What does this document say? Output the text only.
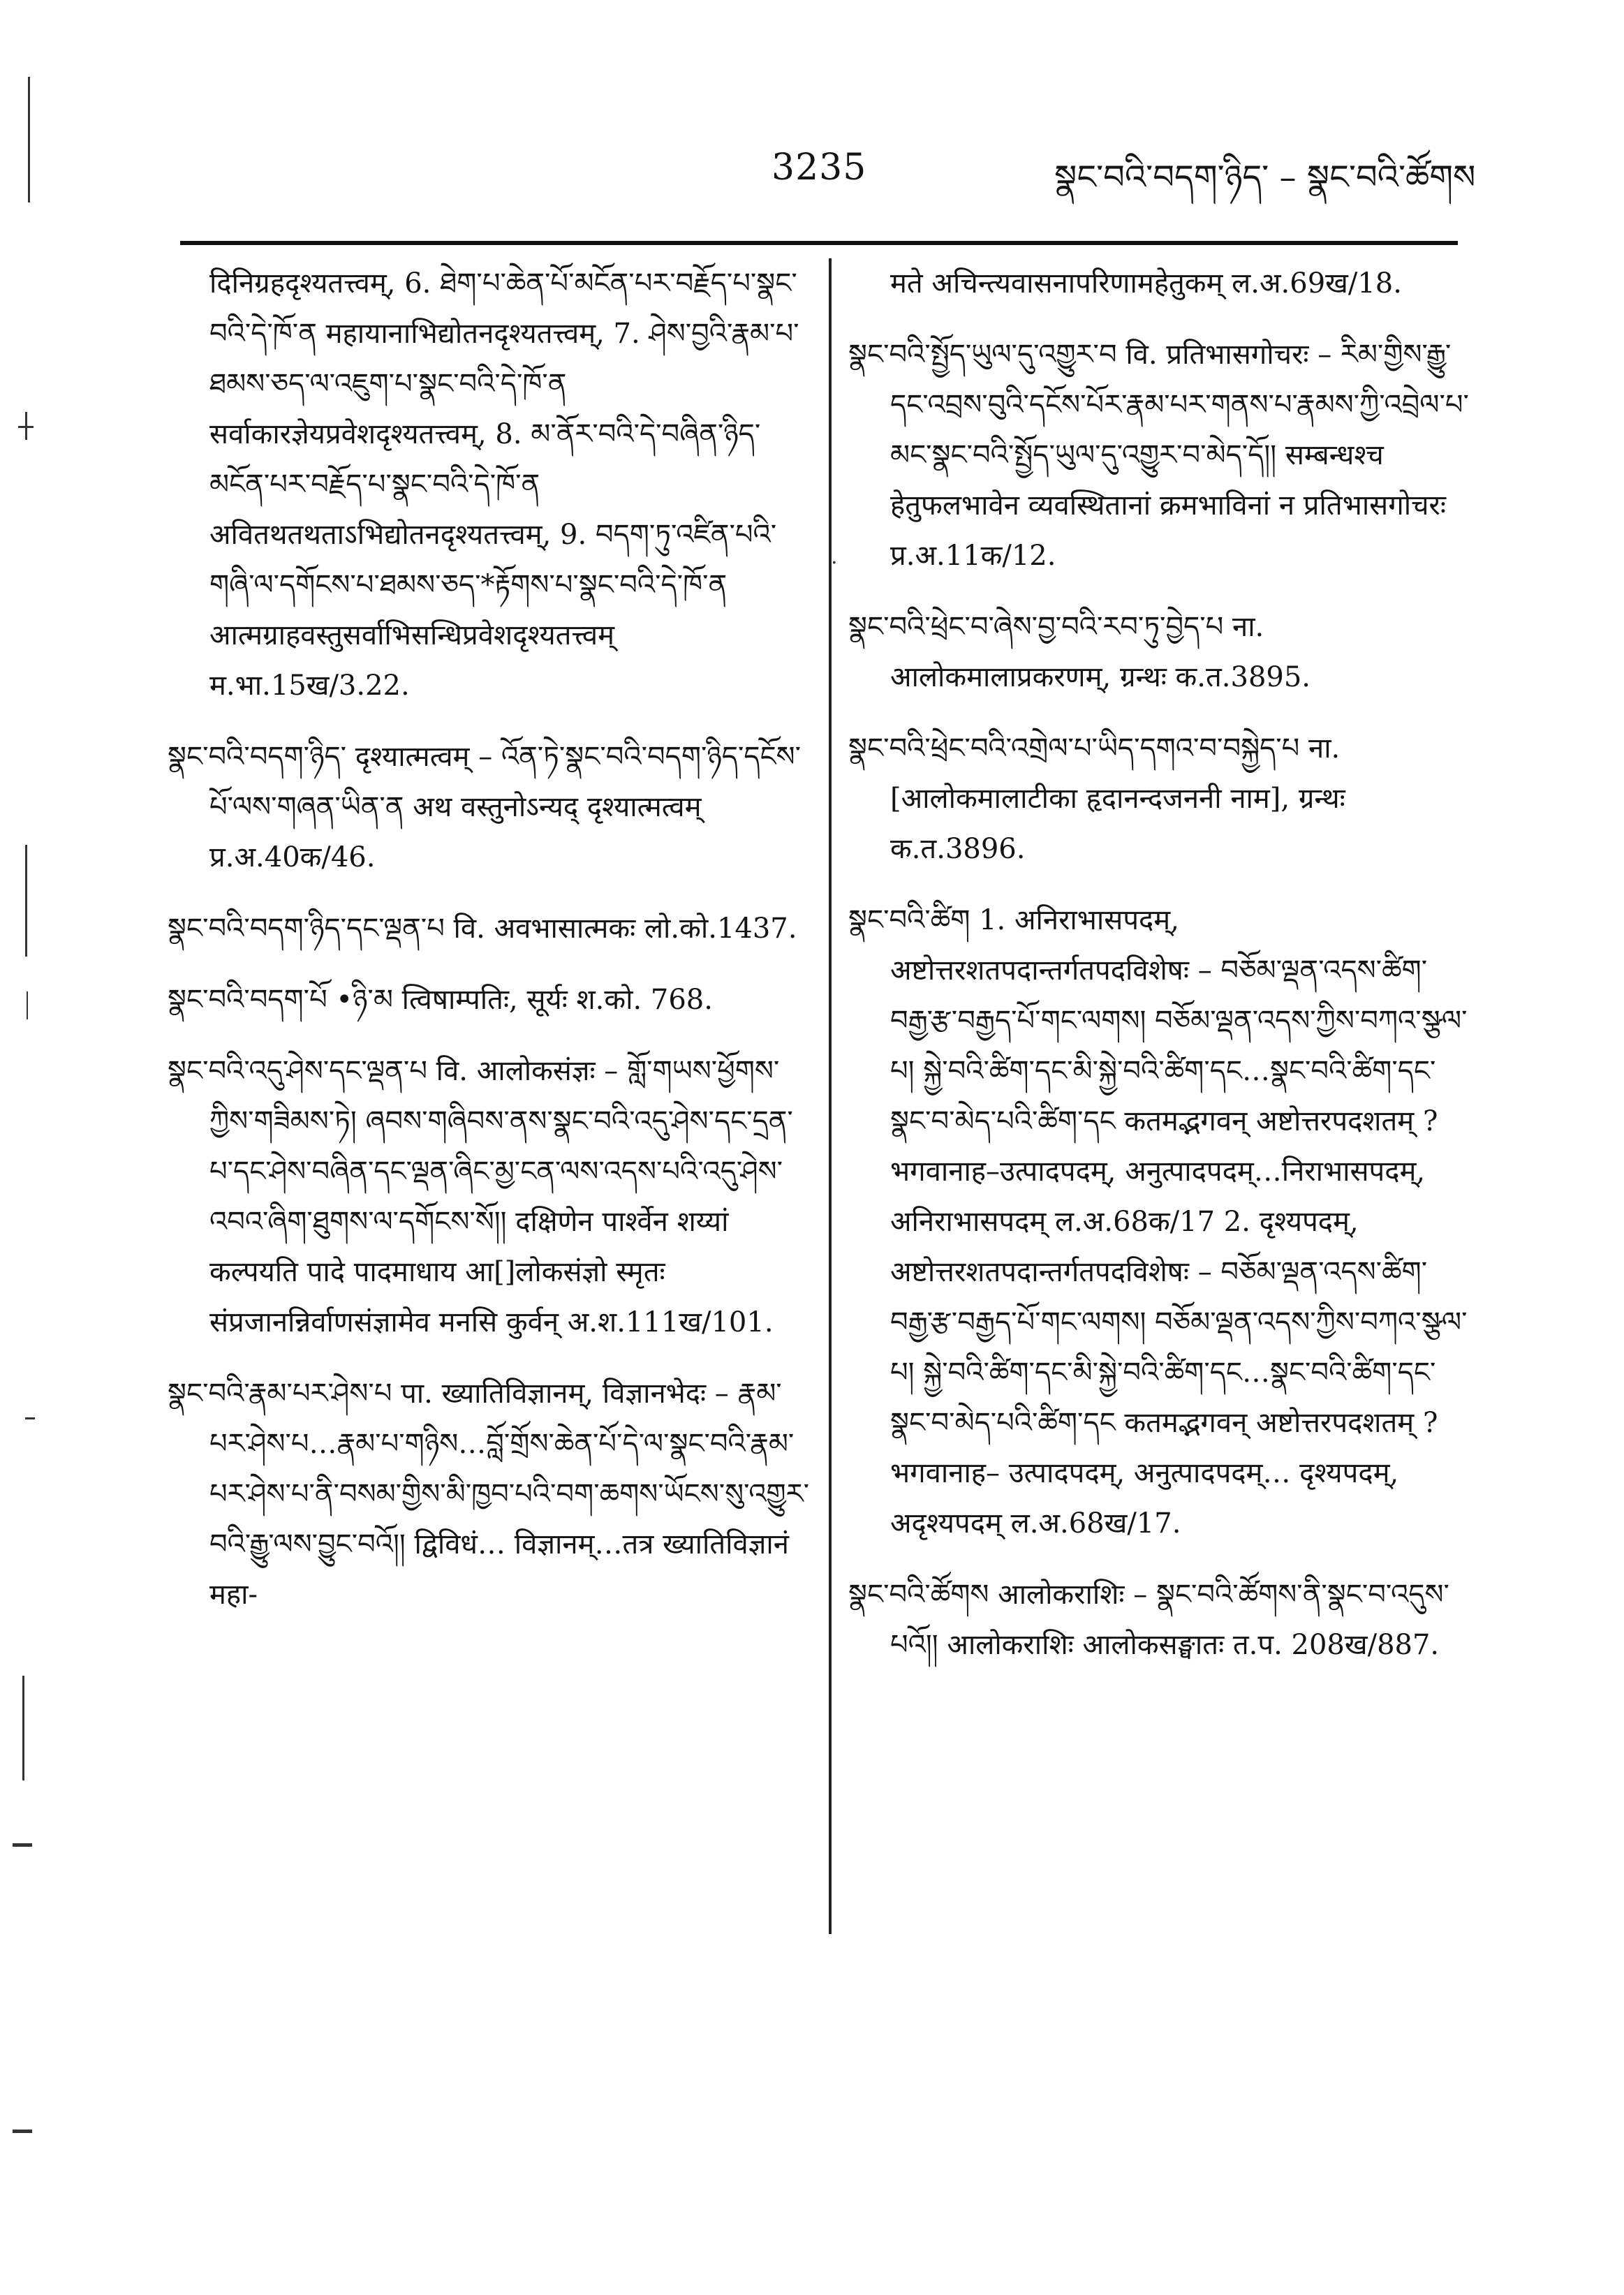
3235	སྣང་བའི་བདག་ཉིད་ – སྣང་བའི་ཚོགས
.

दिनिग्रहदृश्यतत्त्वम्, 6. ཐེག་པ་ཆེན་པོ་མངོན་པར་བརྗོད་པ་སྣང་བའི་དེ་ཁོ་ན महायानाभिद्योतनदृश्यतत्त्वम्, 7. ཤེས་བྱའི་རྣམ་པ་ཐམས་ཅད་ལ་འཇུག་པ་སྣང་བའི་དེ་ཁོ་ན सर्वाकारज्ञेयप्रवेशदृश्यतत्त्वम्, 8. མ་ནོར་བའི་དེ་བཞིན་ཉིད་མངོན་པར་བརྗོད་པ་སྣང་བའི་དེ་ཁོ་ན अवितथतथताऽभिद्योतनदृश्यतत्त्वम्, 9. བདག་ཏུ་འཛིན་པའི་གཞི་ལ་དགོངས་པ་ཐམས་ཅད་*རྟོགས་པ་སྣང་བའི་དེ་ཁོ་ན आत्मग्राहवस्तुसर्वाभिसन्धिप्रवेशदृश्यतत्त्वम् म.भा.15ख/3.22.

སྣང་བའི་བདག་ཉིད་ दृश्यात्मत्वम् – འོན་ཏེ་སྣང་བའི་བདག་ཉིད་དངོས་པོ་ལས་གཞན་ཡིན་ན अथ वस्तुनोऽन्यद् दृश्यात्मत्वम् प्र.अ.40क/46.

སྣང་བའི་བདག་ཉིད་དང་ལྡན་པ वि. अवभासात्मकः लो.को.1437.

སྣང་བའི་བདག་པོ •ཉི་མ त्विषाम्पतिः, सूर्यः श.को. 768.

སྣང་བའི་འདུ་ཤེས་དང་ལྡན་པ वि. आलोकसंज्ञः – གློ་གཡས་ཕྱོགས་ཀྱིས་གཟིམས་ཏེ། ཞབས་གཞིབས་ནས་སྣང་བའི་འདུ་ཤེས་དང་དྲན་པ་དང་ཤེས་བཞིན་དང་ལྡན་ཞིང་མྱ་ངན་ལས་འདས་པའི་འདུ་ཤེས་འབའ་ཞིག་ཐུགས་ལ་དགོངས་སོ།། दक्षिणेन पार्श्वेन शय्यां कल्पयति पादे पादमाधाय आ[]लोकसंज्ञो स्मृतः संप्रजानन्निर्वाणसंज्ञामेव मनसि कुर्वन् अ.श.111ख/101.

སྣང་བའི་རྣམ་པར་ཤེས་པ पा. ख्यातिविज्ञानम्, विज्ञानभेदः – རྣམ་པར་ཤེས་པ…རྣམ་པ་གཉིས…བློ་གྲོས་ཆེན་པོ་དེ་ལ་སྣང་བའི་རྣམ་པར་ཤེས་པ་ནི་བསམ་གྱིས་མི་ཁྱབ་པའི་བག་ཆགས་ཡོངས་སུ་འགྱུར་བའི་རྒྱུ་ལས་བྱུང་བའོ།། द्विविधं… विज्ञानम्…तत्र ख्यातिविज्ञानं महा-

मते अचिन्त्यवासनापरिणामहेतुकम् ल.अ.69ख/18.

སྣང་བའི་སྤྱོད་ཡུལ་དུ་འགྱུར་བ वि. प्रतिभासगोचरः – རིམ་གྱིས་རྒྱུ་དང་འབྲས་བུའི་དངོས་པོར་རྣམ་པར་གནས་པ་རྣམས་ཀྱི་འབྲེལ་པ་མང་སྣང་བའི་སྤྱོད་ཡུལ་དུ་འགྱུར་བ་མེད་དོ།། सम्बन्धश्च हेतुफलभावेन व्यवस्थितानां क्रमभाविनां न प्रतिभासगोचरः प्र.अ.11क/12.

སྣང་བའི་ཕྲེང་བ་ཞེས་བྱ་བའི་རབ་ཏུ་བྱེད་པ ना. आलोकमालाप्रकरणम्, ग्रन्थः क.त.3895.

སྣང་བའི་ཕྲེང་བའི་འགྲེལ་པ་ཡིད་དགའ་བ་བསྐྱེད་པ ना. [आलोकमालाटीका हृदानन्दजननी नाम], ग्रन्थः क.त.3896.

སྣང་བའི་ཚིག 1. अनिराभासपदम्, अष्टोत्तरशतपदान्तर्गतपदविशेषः – བཅོམ་ལྡན་འདས་ཚིག་བརྒྱ་རྩ་བརྒྱད་པོ་གང་ལགས། བཅོམ་ལྡན་འདས་ཀྱིས་བཀའ་སྩལ་པ། སྐྱེ་བའི་ཚིག་དང་མི་སྐྱེ་བའི་ཚིག་དང…སྣང་བའི་ཚིག་དང་སྣང་བ་མེད་པའི་ཚིག་དང कतमद्भगवन् अष्टोत्तरपदशतम् ? भगवानाह–उत्पादपदम्, अनुत्पादपदम्…निराभासपदम्, अनिराभासपदम् ल.अ.68क/17 2. दृश्यपदम्, अष्टोत्तरशतपदान्तर्गतपदविशेषः – བཅོམ་ལྡན་འདས་ཚིག་བརྒྱ་རྩ་བརྒྱད་པོ་གང་ལགས། བཅོམ་ལྡན་འདས་ཀྱིས་བཀའ་སྩལ་པ། སྐྱེ་བའི་ཚིག་དང་མི་སྐྱེ་བའི་ཚིག་དང…སྣང་བའི་ཚིག་དང་སྣང་བ་མེད་པའི་ཚིག་དང कतमद्भगवन् अष्टोत्तरपदशतम् ? भगवानाह– उत्पादपदम्, अनुत्पादपदम्… दृश्यपदम्, अदृश्यपदम् ल.अ.68ख/17.

སྣང་བའི་ཚོགས आलोकराशिः – སྣང་བའི་ཚོགས་ནི་སྣང་བ་འདུས་པའོ།། आलोकराशिः आलोकसङ्घातः त.प. 208ख/887.
